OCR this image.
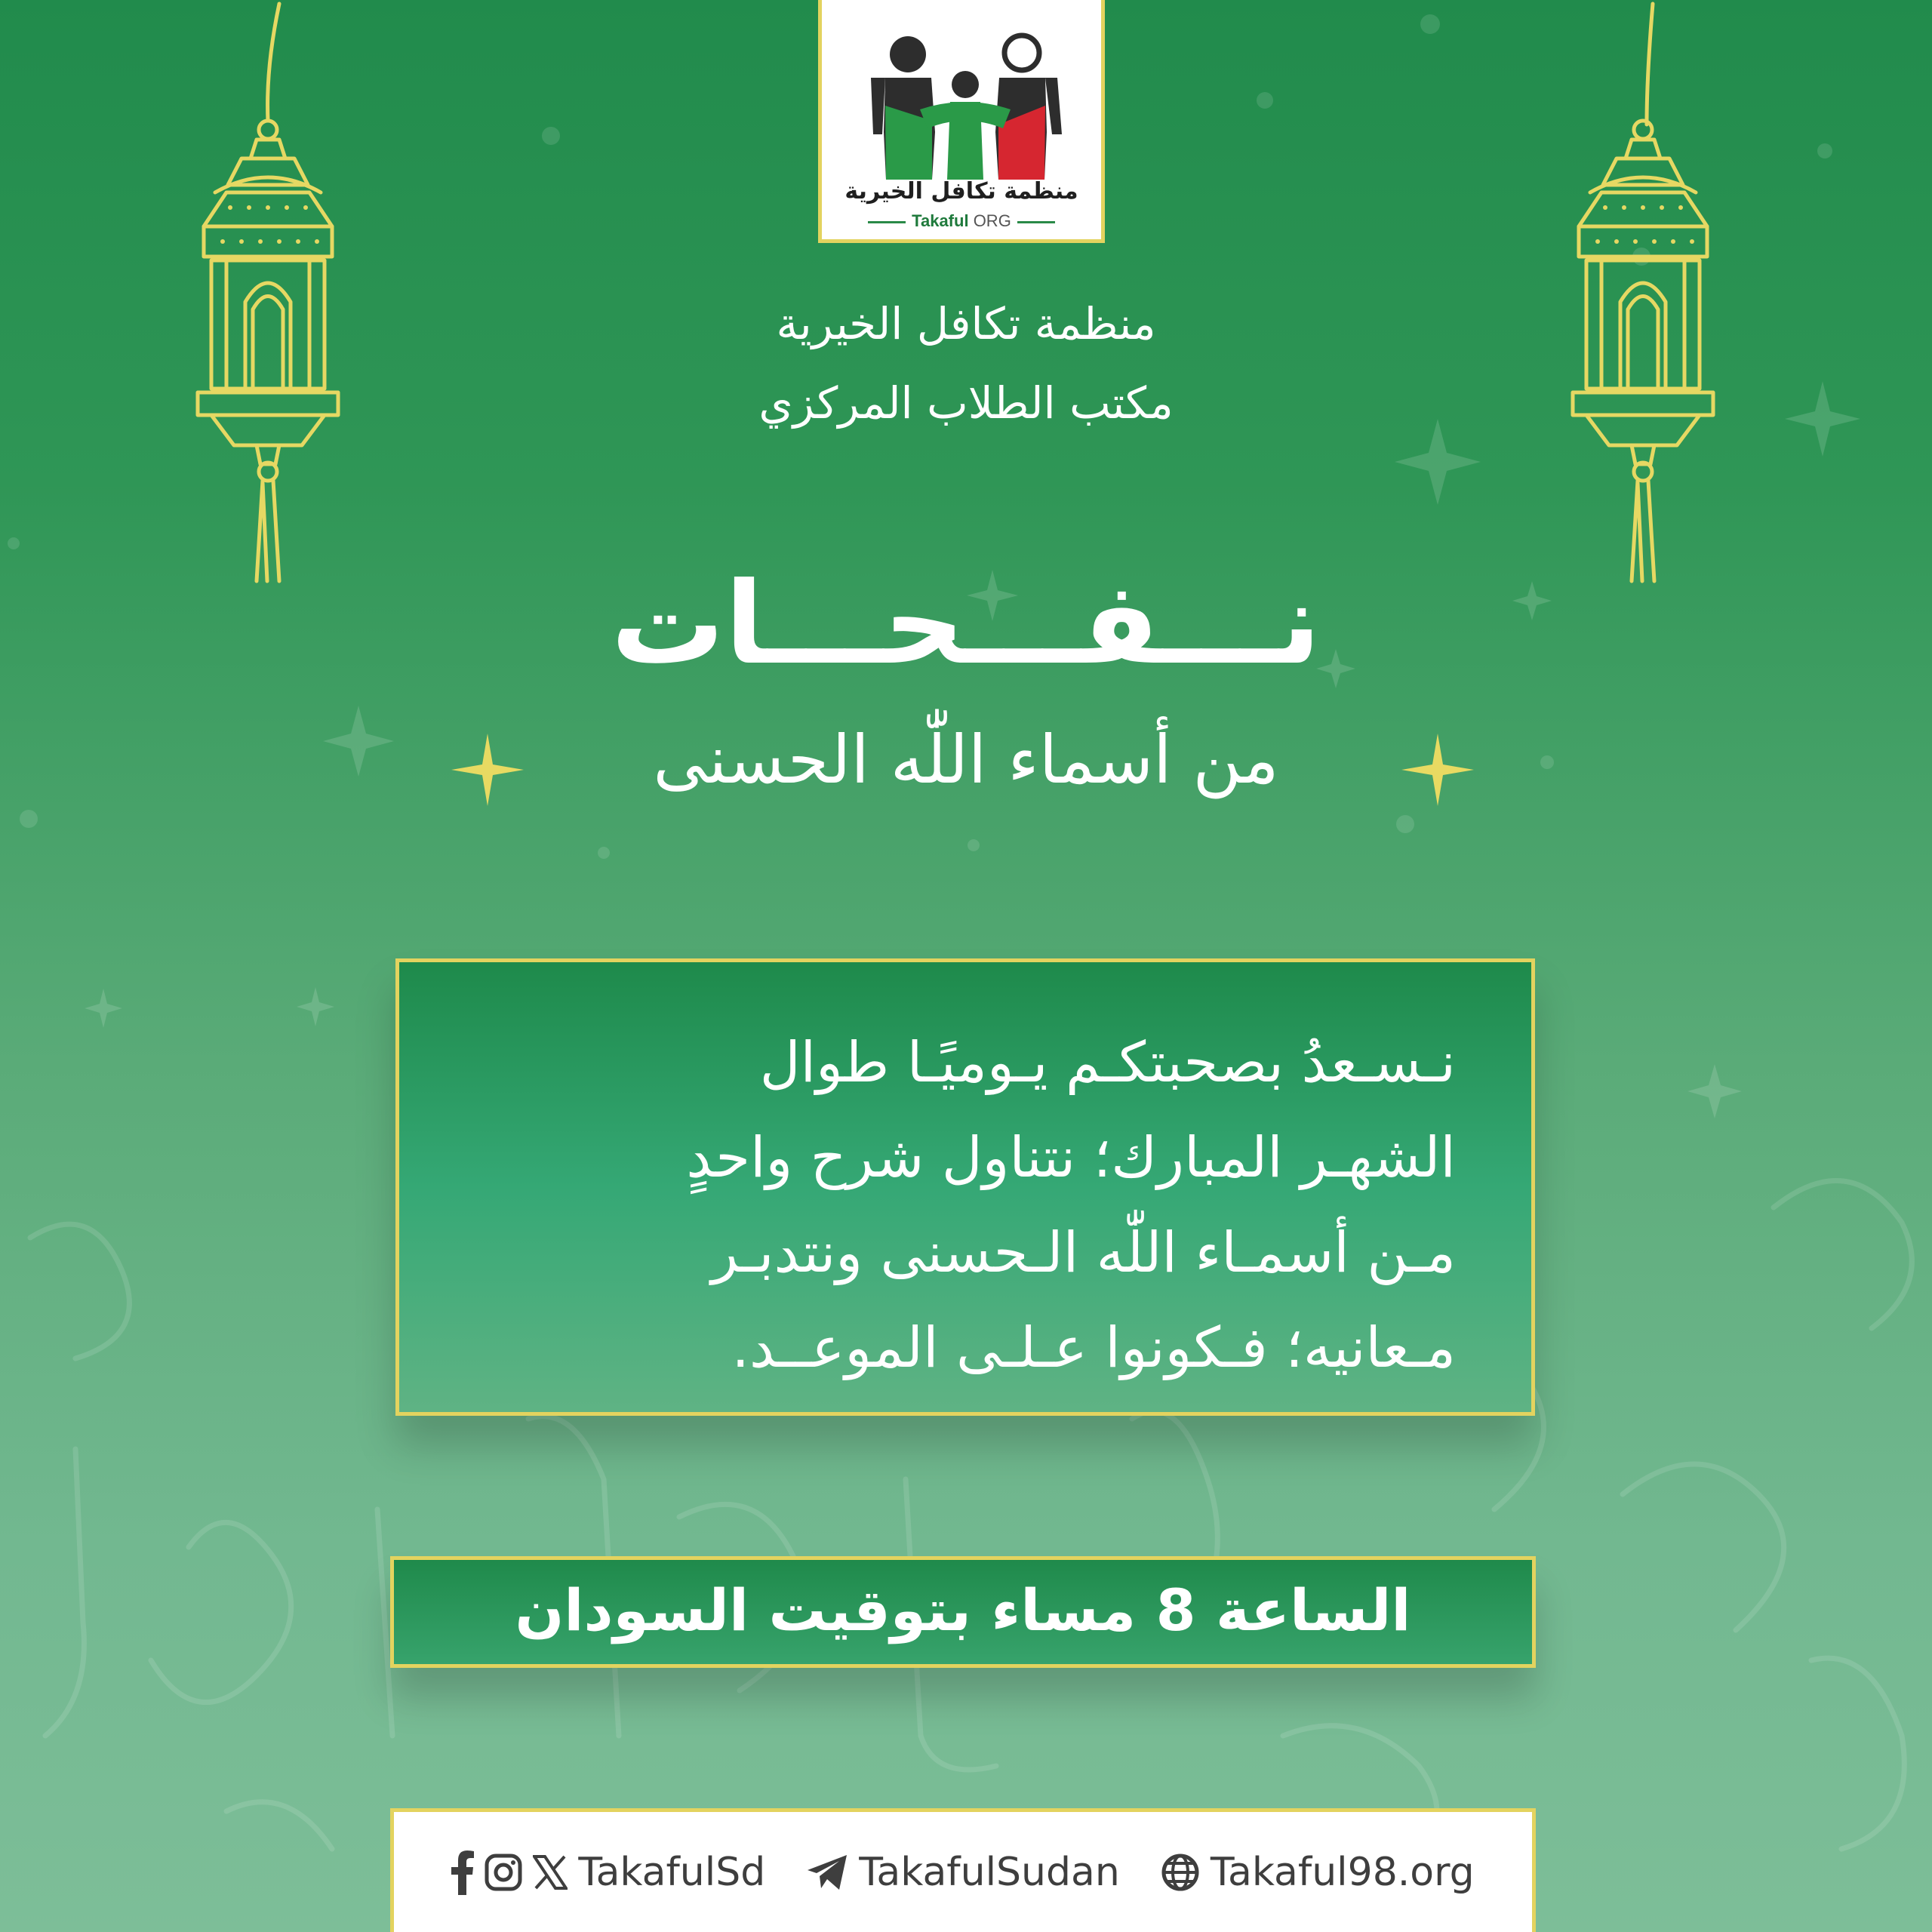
منظمة تكافل الخيرية
Takaful ORG
منظمة تكافل الخيرية
مكتب الطلاب المركزي
نـــفـــحـــات
من أسماء اللّٰه الحسنى
نـسـعدُ بصحبتكـم يـوميًـا طوال
الشهـر المبارك؛ نتناول شرح واحدٍ
مـن أسمـاء اللّٰه الـحسنى ونتدبـر
مـعانيه؛ فـكونوا عـلـى الموعــد.
الساعة 8 مساء بتوقيت السودان
TakafulSd TakafulSudan Takaful98.org
